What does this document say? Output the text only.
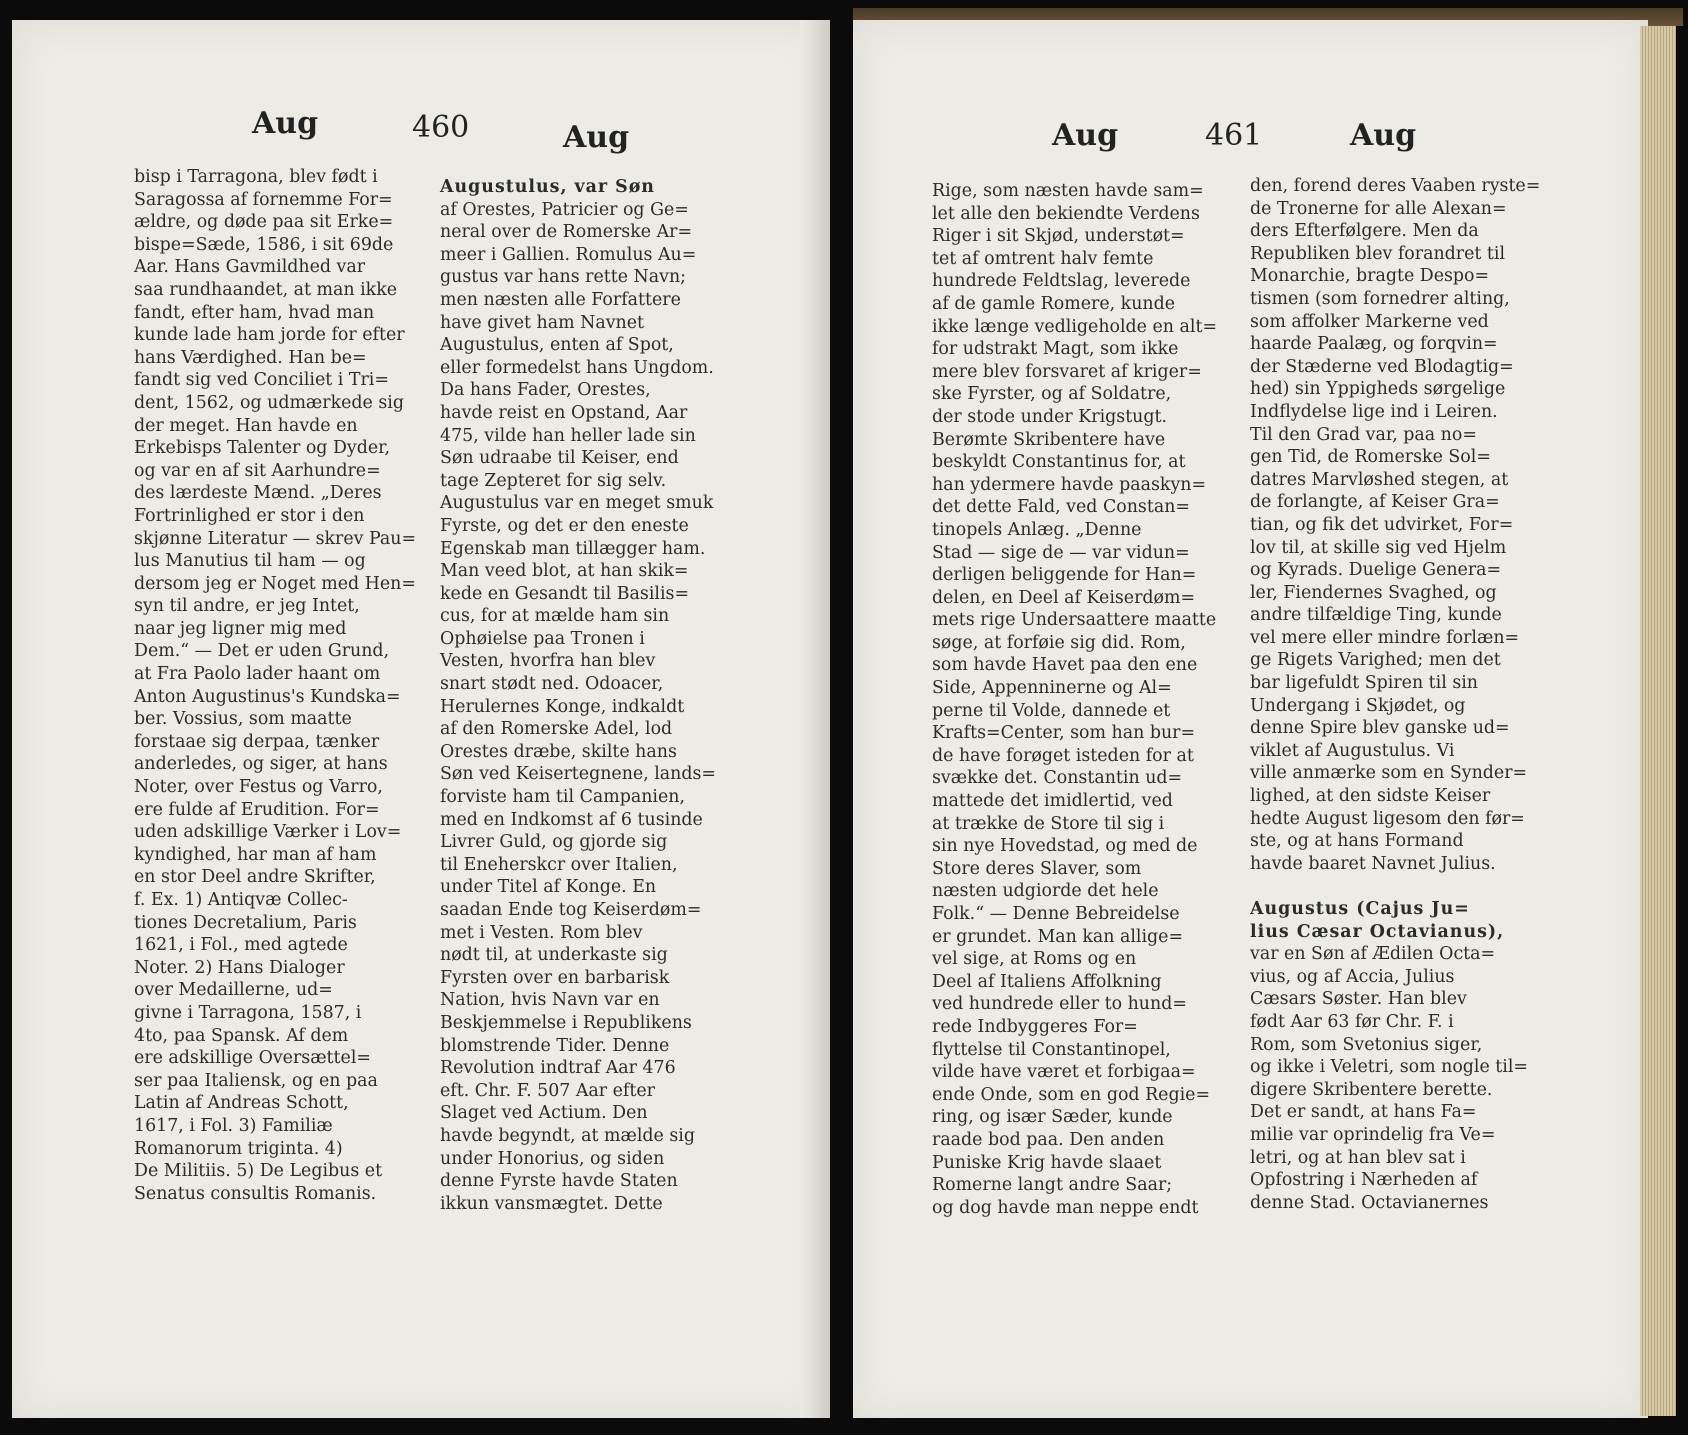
Aug	460	Aug	Aug	461	Aug
bisp i Tarragona, blev født i
Saragossa af fornemme For=
ældre, og døde paa sit Erke=
bispe=Sæde, 1586, i sit 69de
Aar. Hans Gavmildhed var
saa rundhaandet, at man ikke
fandt, efter ham, hvad man
kunde lade ham jorde for efter
hans Værdighed. Han be=
fandt sig ved Conciliet i Tri=
dent, 1562, og udmærkede sig
der meget. Han havde en
Erkebisps Talenter og Dyder,
og var en af sit Aarhundre=
des lærdeste Mænd. „Deres
Fortrinlighed er stor i den
skjønne Literatur — skrev Pau=
lus Manutius til ham — og
dersom jeg er Noget med Hen=
syn til andre, er jeg Intet,
naar jeg ligner mig med
Dem.“ — Det er uden Grund,
at Fra Paolo lader haant om
Anton Augustinus's Kundska=
ber. Vossius, som maatte
forstaae sig derpaa, tænker
anderledes, og siger, at hans
Noter, over Festus og Varro,
ere fulde af Erudition. For=
uden adskillige Værker i Lov=
kyndighed, har man af ham
en stor Deel andre Skrifter,
f. Ex. 1) Antiqvæ Collec-
tiones Decretalium, Paris
1621, i Fol., med agtede
Noter. 2) Hans Dialoger
over Medaillerne, ud=
givne i Tarragona, 1587, i
4to, paa Spansk. Af dem
ere adskillige Oversættel=
ser paa Italiensk, og en paa
Latin af Andreas Schott,
1617, i Fol. 3) Familiæ
Romanorum triginta. 4)
De Militiis. 5) De Legibus et
Senatus consultis Romanis.
Augustulus, var Søn
af Orestes, Patricier og Ge=
neral over de Romerske Ar=
meer i Gallien. Romulus Au=
gustus var hans rette Navn;
men næsten alle Forfattere
have givet ham Navnet
Augustulus, enten af Spot,
eller formedelst hans Ungdom.
Da hans Fader, Orestes,
havde reist en Opstand, Aar
475, vilde han heller lade sin
Søn udraabe til Keiser, end
tage Zepteret for sig selv.
Augustulus var en meget smuk
Fyrste, og det er den eneste
Egenskab man tillægger ham.
Man veed blot, at han skik=
kede en Gesandt til Basilis=
cus, for at mælde ham sin
Ophøielse paa Tronen i
Vesten, hvorfra han blev
snart stødt ned. Odoacer,
Herulernes Konge, indkaldt
af den Romerske Adel, lod
Orestes dræbe, skilte hans
Søn ved Keisertegnene, lands=
forviste ham til Campanien,
med en Indkomst af 6 tusinde
Livrer Guld, og gjorde sig
til Eneherskcr over Italien,
under Titel af Konge. En
saadan Ende tog Keiserdøm=
met i Vesten. Rom blev
nødt til, at underkaste sig
Fyrsten over en barbarisk
Nation, hvis Navn var en
Beskjemmelse i Republikens
blomstrende Tider. Denne
Revolution indtraf Aar 476
eft. Chr. F. 507 Aar efter
Slaget ved Actium. Den
havde begyndt, at mælde sig
under Honorius, og siden
denne Fyrste havde Staten
ikkun vansmægtet. Dette
Rige, som næsten havde sam=
let alle den bekiendte Verdens
Riger i sit Skjød, understøt=
tet af omtrent halv femte
hundrede Feldtslag, leverede
af de gamle Romere, kunde
ikke længe vedligeholde en alt=
for udstrakt Magt, som ikke
mere blev forsvaret af kriger=
ske Fyrster, og af Soldatre,
der stode under Krigstugt.
Berømte Skribentere have
beskyldt Constantinus for, at
han ydermere havde paaskyn=
det dette Fald, ved Constan=
tinopels Anlæg. „Denne
Stad — sige de — var vidun=
derligen beliggende for Han=
delen, en Deel af Keiserdøm=
mets rige Undersaattere maatte
søge, at forføie sig did. Rom,
som havde Havet paa den ene
Side, Appenninerne og Al=
perne til Volde, dannede et
Krafts=Center, som han bur=
de have forøget isteden for at
svække det. Constantin ud=
mattede det imidlertid, ved
at trække de Store til sig i
sin nye Hovedstad, og med de
Store deres Slaver, som
næsten udgiorde det hele
Folk.“ — Denne Bebreidelse
er grundet. Man kan allige=
vel sige, at Roms og en
Deel af Italiens Affolkning
ved hundrede eller to hund=
rede Indbyggeres For=
flyttelse til Constantinopel,
vilde have været et forbigaa=
ende Onde, som en god Regie=
ring, og især Sæder, kunde
raade bod paa. Den anden
Puniske Krig havde slaaet
Romerne langt andre Saar;
og dog havde man neppe endt
den, forend deres Vaaben ryste=
de Tronerne for alle Alexan=
ders Efterfølgere. Men da
Republiken blev forandret til
Monarchie, bragte Despo=
tismen (som fornedrer alting,
som affolker Markerne ved
haarde Paalæg, og forqvin=
der Stæderne ved Blodagtig=
hed) sin Yppigheds sørgelige
Indflydelse lige ind i Leiren.
Til den Grad var, paa no=
gen Tid, de Romerske Sol=
datres Marvløshed stegen, at
de forlangte, af Keiser Gra=
tian, og fik det udvirket, For=
lov til, at skille sig ved Hjelm
og Kyrads. Duelige Genera=
ler, Fiendernes Svaghed, og
andre tilfældige Ting, kunde
vel mere eller mindre forlæn=
ge Rigets Varighed; men det
bar ligefuldt Spiren til sin
Undergang i Skjødet, og
denne Spire blev ganske ud=
viklet af Augustulus. Vi
ville anmærke som en Synder=
lighed, at den sidste Keiser
hedte August ligesom den før=
ste, og at hans Formand
havde baaret Navnet Julius.
Augustus (Cajus Ju=
lius Cæsar Octavianus),
var en Søn af Ædilen Octa=
vius, og af Accia, Julius
Cæsars Søster. Han blev
født Aar 63 før Chr. F. i
Rom, som Svetonius siger,
og ikke i Veletri, som nogle til=
digere Skribentere berette.
Det er sandt, at hans Fa=
milie var oprindelig fra Ve=
letri, og at han blev sat i
Opfostring i Nærheden af
denne Stad. Octavianernes
